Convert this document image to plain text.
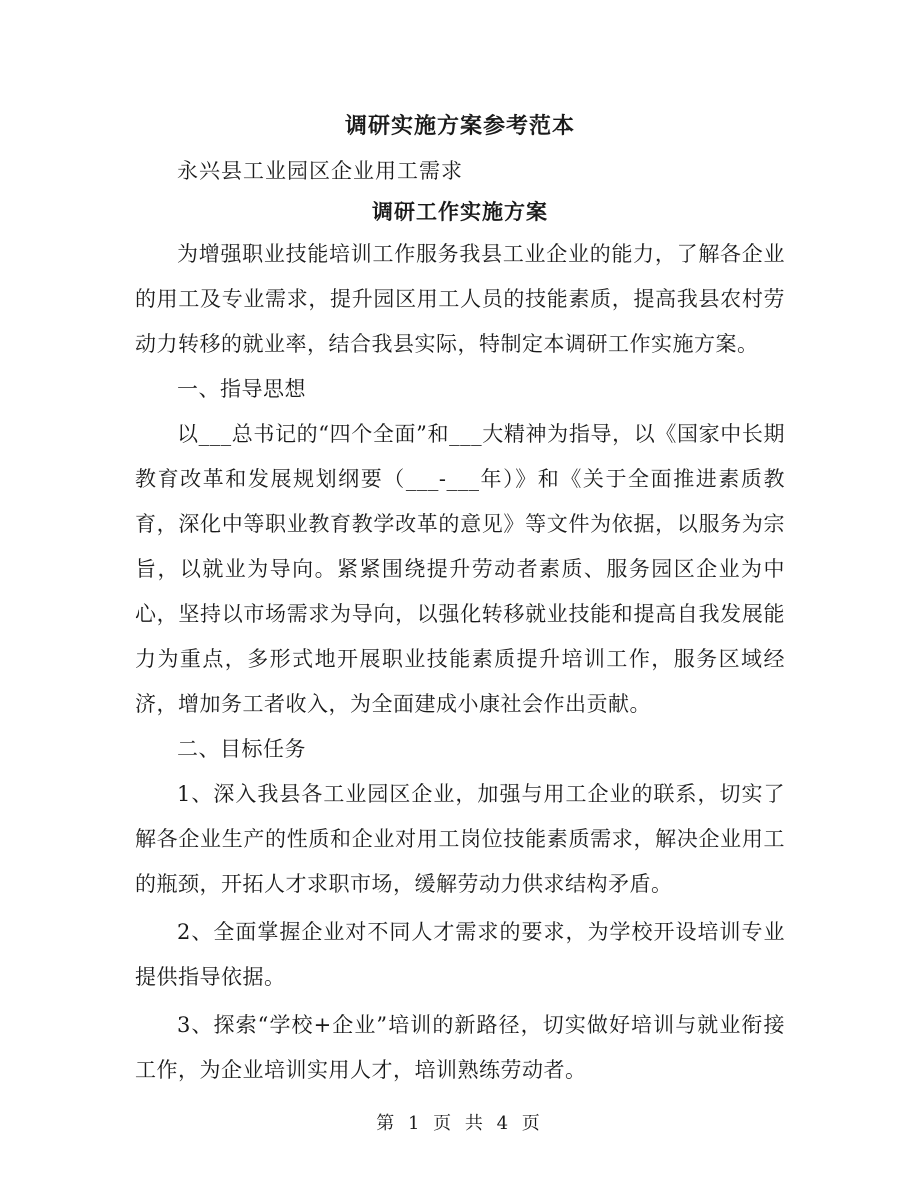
调研实施方案参考范本
永兴县工业园区企业用工需求
调研工作实施方案

为增强职业技能培训工作服务我县工业企业的能力，了解各企业的用工及专业需求，提升园区用工人员的技能素质，提高我县农村劳动力转移的就业率，结合我县实际，特制定本调研工作实施方案。

一、指导思想

以___总书记的“四个全面”和___大精神为指导，以《国家中长期教育改革和发展规划纲要（___-___年）》和《关于全面推进素质教育，深化中等职业教育教学改革的意见》等文件为依据，以服务为宗旨，以就业为导向。紧紧围绕提升劳动者素质、服务园区企业为中心，坚持以市场需求为导向，以强化转移就业技能和提高自我发展能力为重点，多形式地开展职业技能素质提升培训工作，服务区域经济，增加务工者收入，为全面建成小康社会作出贡献。

二、目标任务

1、深入我县各工业园区企业，加强与用工企业的联系，切实了解各企业生产的性质和企业对用工岗位技能素质需求，解决企业用工的瓶颈，开拓人才求职市场，缓解劳动力供求结构矛盾。

2、全面掌握企业对不同人才需求的要求，为学校开设培训专业提供指导依据。

3、探索“学校+企业”培训的新路径，切实做好培训与就业衔接工作，为企业培训实用人才，培训熟练劳动者。

第 1 页 共 4 页
